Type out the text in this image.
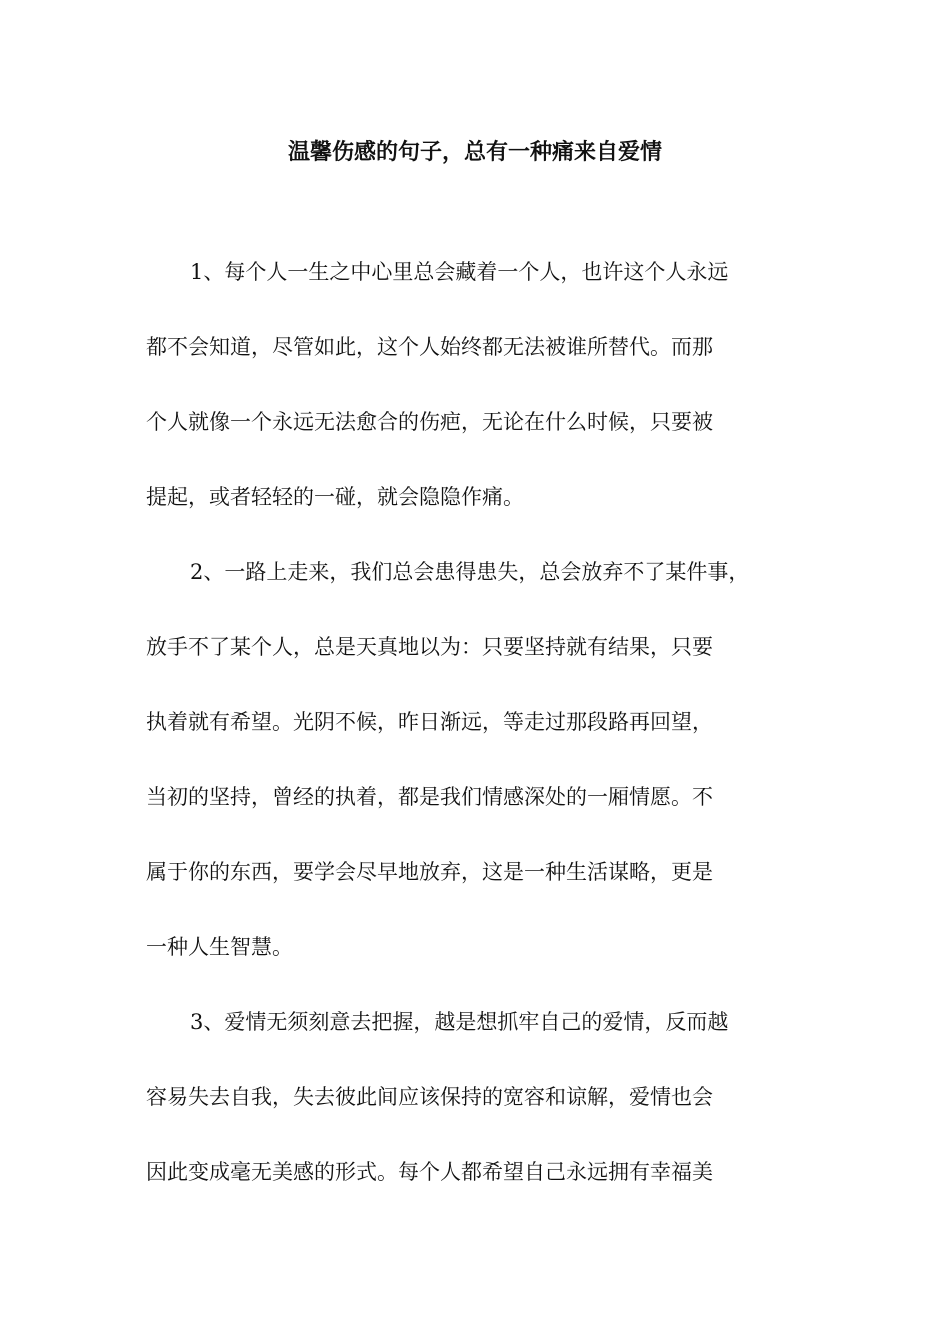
温馨伤感的句子，总有一种痛来自爱情
1、每个人一生之中心里总会藏着一个人，也许这个人永远
都不会知道，尽管如此，这个人始终都无法被谁所替代。而那
个人就像一个永远无法愈合的伤疤，无论在什么时候，只要被
提起，或者轻轻的一碰，就会隐隐作痛。
2、一路上走来，我们总会患得患失，总会放弃不了某件事，
放手不了某个人，总是天真地以为：只要坚持就有结果，只要
执着就有希望。光阴不候，昨日渐远，等走过那段路再回望，
当初的坚持，曾经的执着，都是我们情感深处的一厢情愿。不
属于你的东西，要学会尽早地放弃，这是一种生活谋略，更是
一种人生智慧。
3、爱情无须刻意去把握，越是想抓牢自己的爱情，反而越
容易失去自我，失去彼此间应该保持的宽容和谅解，爱情也会
因此变成毫无美感的形式。每个人都希望自己永远拥有幸福美
